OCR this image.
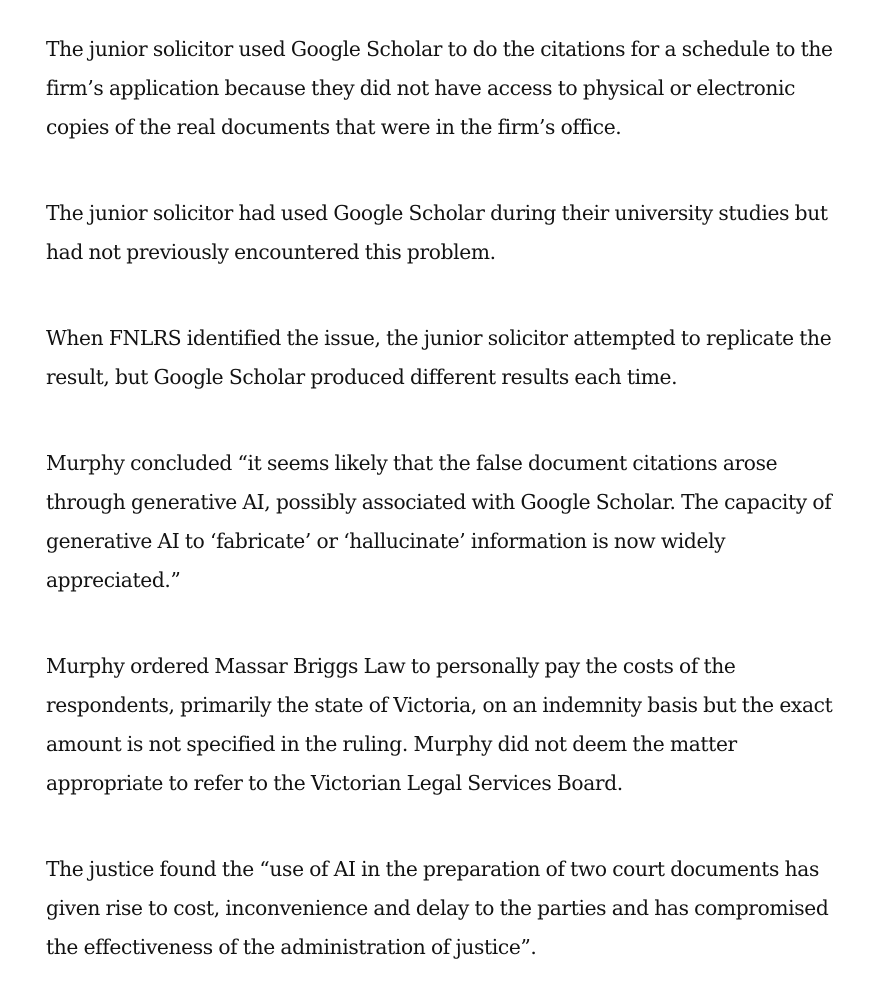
The junior solicitor used Google Scholar to do the citations for a schedule to the firm’s application because they did not have access to physical or electronic copies of the real documents that were in the firm’s office.

The junior solicitor had used Google Scholar during their university studies but had not previously encountered this problem.

When FNLRS identified the issue, the junior solicitor attempted to replicate the result, but Google Scholar produced different results each time.

Murphy concluded “it seems likely that the false document citations arose through generative AI, possibly associated with Google Scholar. The capacity of generative AI to ‘fabricate’ or ‘hallucinate’ information is now widely appreciated.”

Murphy ordered Massar Briggs Law to personally pay the costs of the respondents, primarily the state of Victoria, on an indemnity basis but the exact amount is not specified in the ruling. Murphy did not deem the matter appropriate to refer to the Victorian Legal Services Board.

The justice found the “use of AI in the preparation of two court documents has given rise to cost, inconvenience and delay to the parties and has compromised the effectiveness of the administration of justice”.
